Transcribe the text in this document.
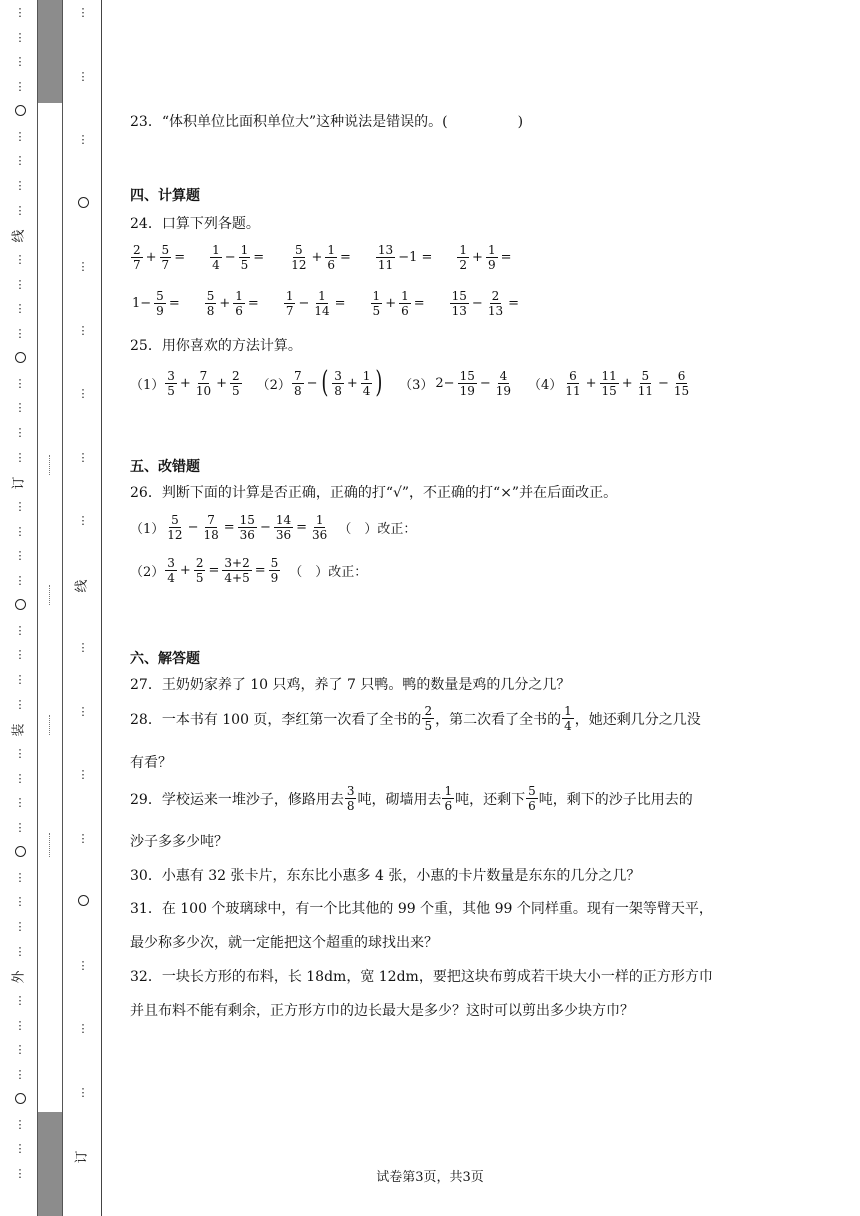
⋮
⋮
⋮
⋮
⋮
⋮
⋮
⋮
线
⋮
⋮
⋮
⋮
⋮
⋮
⋮
⋮
订
⋮
⋮
⋮
⋮
⋮
⋮
⋮
⋮
装
⋮
⋮
⋮
⋮
⋮
⋮
⋮
⋮
外
⋮
⋮
⋮
⋮
⋮
⋮
⋮
⋮
⋮
⋮
⋮
⋮
⋮
⋮
⋮
线
⋮
⋮
⋮
⋮
⋮
⋮
⋮
订
23．“体积单位比面积单位大”这种说法是错误的。(　　　　　)
四、计算题
24．口算下列各题。
$\frac{2}{7} + \frac{5}{7} = \frac{1}{4} - \frac{1}{5} = \frac{5}{12} + \frac{1}{6} = \frac{13}{11} -1 = \frac{1}{2} + \frac{1}{9}$ =
$1- \frac{5}{9} = \frac{5}{8} + \frac{1}{6} = \frac{1}{7} - \frac{1}{14} = \frac{1}{5} + \frac{1}{6} = \frac{15}{13} - \frac{2}{13}$ =
25．用你喜欢的方法计算。
$(1) \frac{3}{5} + \frac{7}{10} + \frac{2}{5} (2) \frac{7}{8}$ − ( $\frac{3}{8} + \frac{1}{4}$ ) （3） $2- \frac{15}{19} - \frac{4}{19} (4) \frac{6}{11} + \frac{11}{15} + \frac{5}{11} - \frac{6}{15}$
五、改错题
26．判断下面的计算是否正确，正确的打“√”，不正确的打“×”并在后面改正。
$(1) \frac{5}{12} - \frac{7}{18} = \frac{15}{36} - \frac{14}{36} = \frac{1}{36}$ （　）改正：
$(2) \frac{3}{4} + \frac{2}{5} = \frac{3+2}{4+5} = \frac{5}{9}$ （　）改正：
六、解答题
27．王奶奶家养了 10 只鸡，养了 7 只鸭。鸭的数量是鸡的几分之几？
28．一本书有 100 页，李红第一次看了全书的 $\frac{2}{5}$ ，第二次看了全书的 $\frac{1}{4}$ ，她还剩几分之几没
有看？
29．学校运来一堆沙子，修路用去 $\frac{3}{8}$ 吨，砌墙用去 $\frac{1}{6}$ 吨，还剩下 $\frac{5}{6}$ 吨，剩下的沙子比用去的
沙子多多少吨？
30．小惠有 32 张卡片，东东比小惠多 4 张，小惠的卡片数量是东东的几分之几？
31．在 100 个玻璃球中，有一个比其他的 99 个重，其他 99 个同样重。现有一架等臂天平，
最少称多少次，就一定能把这个超重的球找出来？
32．一块长方形的布料，长 18dm，宽 12dm，要把这块布剪成若干块大小一样的正方形方巾
并且布料不能有剩余，正方形方巾的边长最大是多少？这时可以剪出多少块方巾？
试卷第3页，共3页
